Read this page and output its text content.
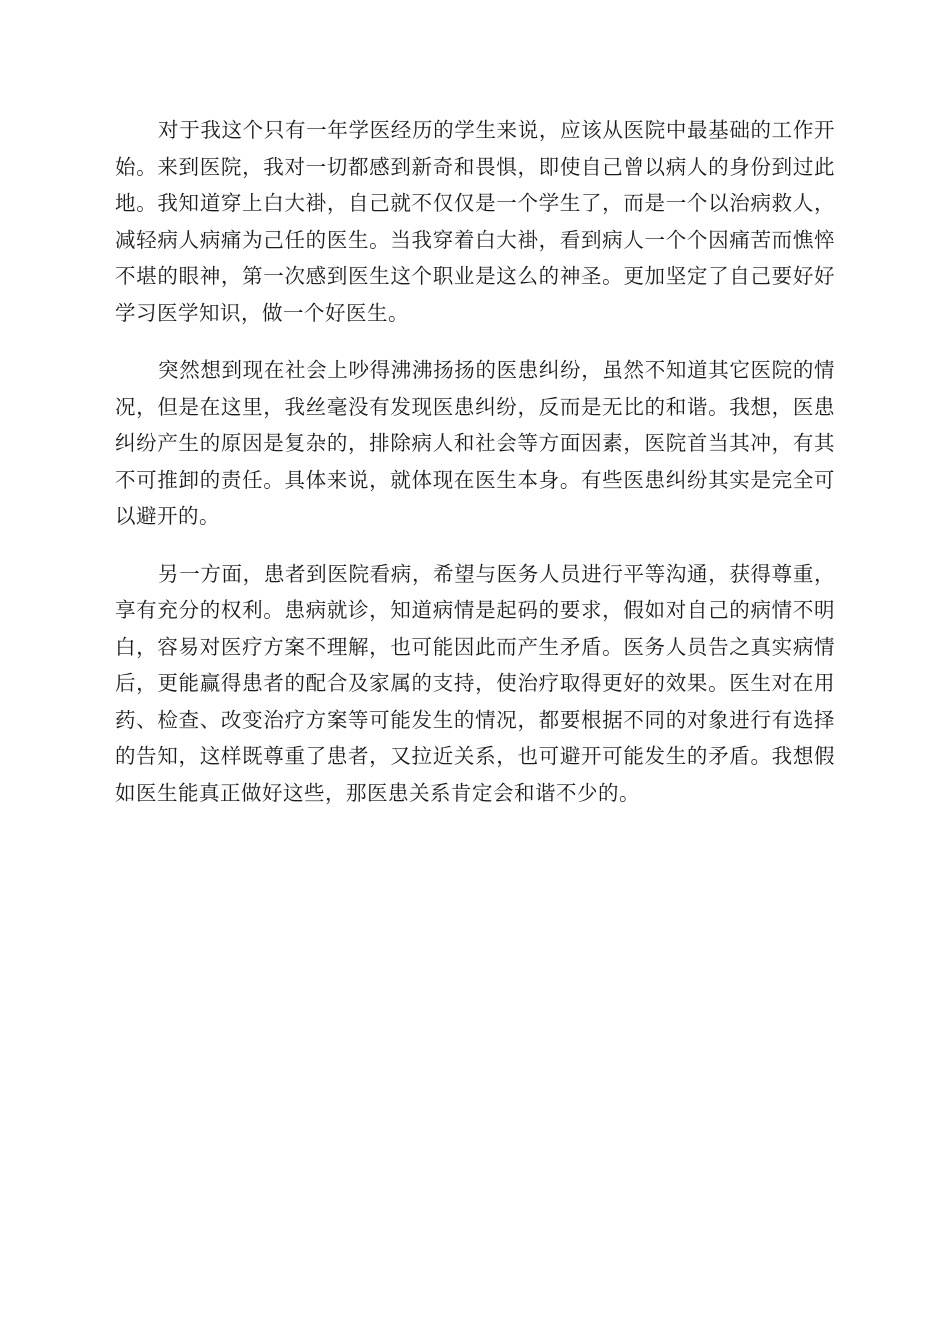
对于我这个只有一年学医经历的学生来说，应该从医院中最基础的工作开始。来到医院，我对一切都感到新奇和畏惧，即使自己曾以病人的身份到过此地。我知道穿上白大褂，自己就不仅仅是一个学生了，而是一个以治病救人，减轻病人病痛为己任的医生。当我穿着白大褂，看到病人一个个因痛苦而憔悴不堪的眼神，第一次感到医生这个职业是这么的神圣。更加坚定了自己要好好学习医学知识，做一个好医生。

突然想到现在社会上吵得沸沸扬扬的医患纠纷，虽然不知道其它医院的情况，但是在这里，我丝毫没有发现医患纠纷，反而是无比的和谐。我想，医患纠纷产生的原因是复杂的，排除病人和社会等方面因素，医院首当其冲，有其不可推卸的责任。具体来说，就体现在医生本身。有些医患纠纷其实是完全可以避开的。

另一方面，患者到医院看病，希望与医务人员进行平等沟通，获得尊重，享有充分的权利。患病就诊，知道病情是起码的要求，假如对自己的病情不明白，容易对医疗方案不理解，也可能因此而产生矛盾。医务人员告之真实病情后，更能赢得患者的配合及家属的支持，使治疗取得更好的效果。医生对在用药、检查、改变治疗方案等可能发生的情况，都要根据不同的对象进行有选择的告知，这样既尊重了患者，又拉近关系，也可避开可能发生的矛盾。我想假如医生能真正做好这些，那医患关系肯定会和谐不少的。
